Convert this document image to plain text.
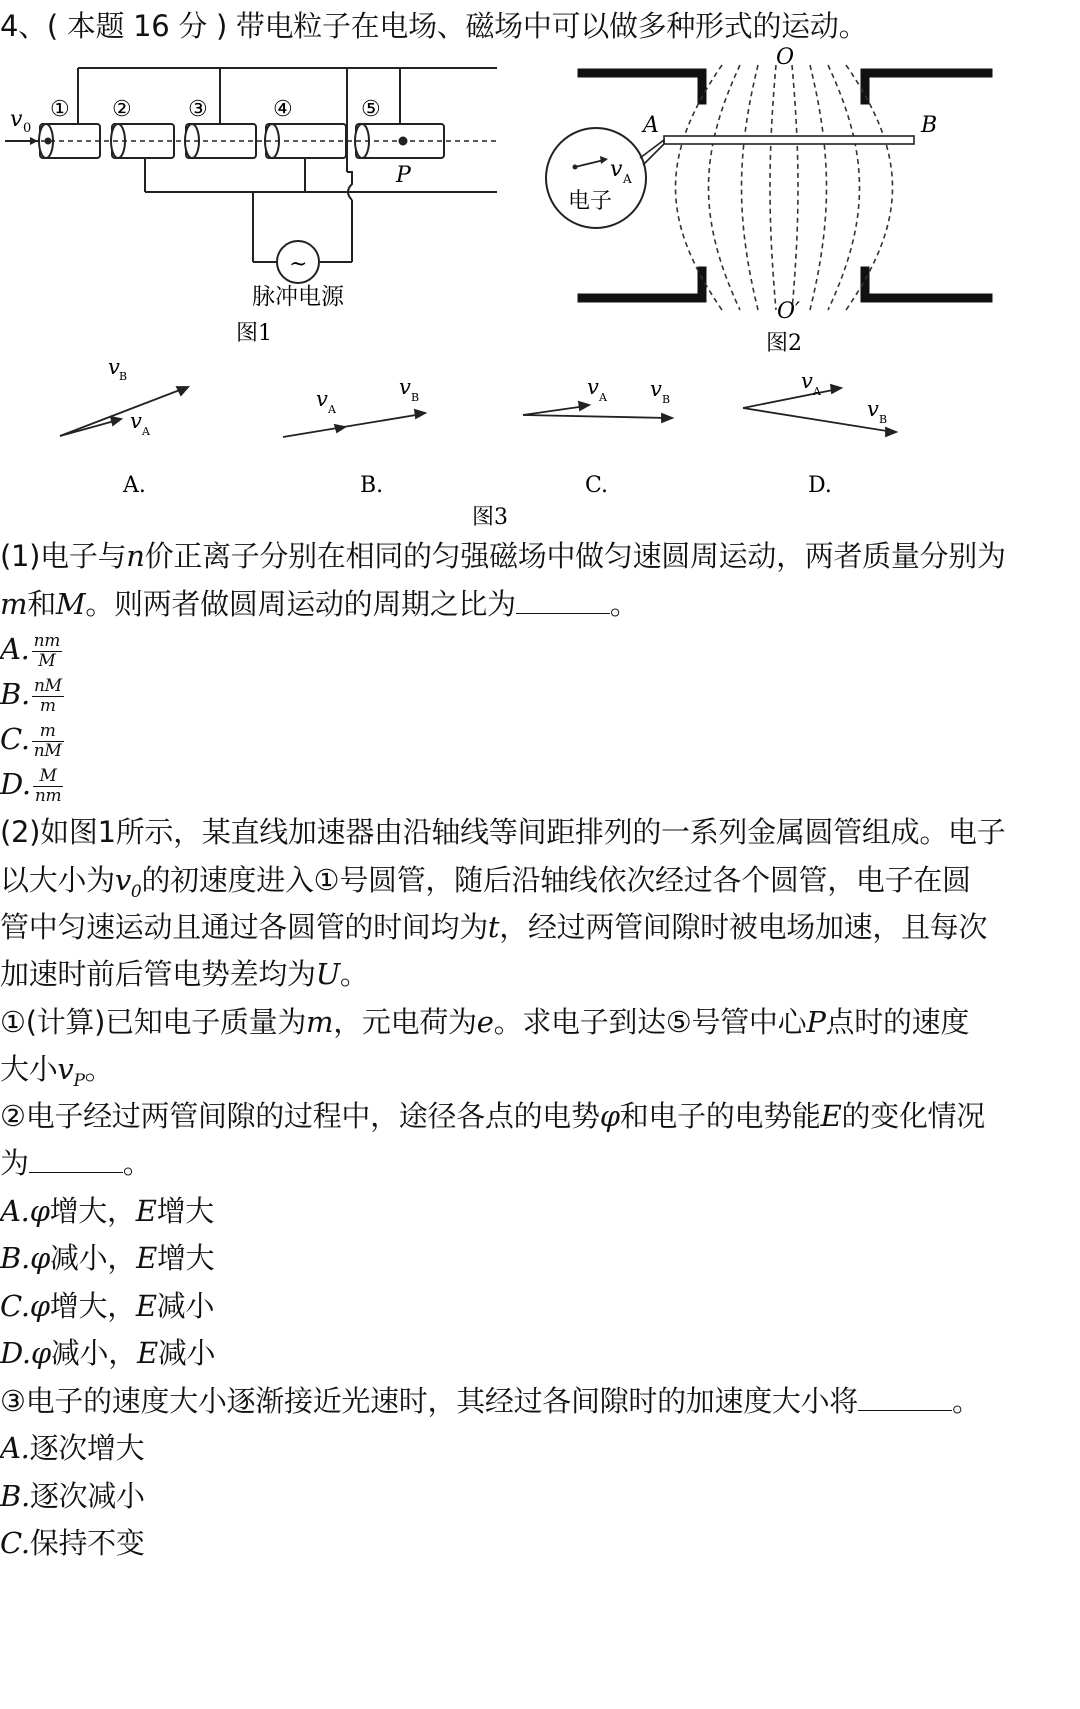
4、( 本题 16 分 ) 带电粒子在电场、磁场中可以做多种形式的运动。
v 0
① ②	③	④	⑤
P
~
脉冲电源
图1
v A
电子
A	B
O
O′
图2
v B
v A
v A
v B	v A v B
v A
v B
A.	B.	C.	D.
图3
(1)电子与n价正离子分别在相同的匀强磁场中做匀速圆周运动，两者质量分别为
m和M。则两者做圆周运动的周期之比为	。
A. $\frac{nm}{M}$
B. $\frac{nM}{m}$
C. $\frac{m}{nM}$
D. $\frac{M}{nm}$
(2)如图1所示，某直线加速器由沿轴线等间距排列的一系列金属圆管组成。电子
以大小为$v_0$的初速度进入①号圆管，随后沿轴线依次经过各个圆管，电子在圆
管中匀速运动且通过各圆管的时间均为t，经过两管间隙时被电场加速，且每次
加速时前后管电势差均为U。
①(计算)已知电子质量为m，元电荷为e。求电子到达⑤号管中心P点时的速度
大小$v_P$。
②电子经过两管间隙的过程中，途径各点的电势φ和电子的电势能E的变化情况
为	。
A.φ增大，E增大
B.φ减小，E增大
C.φ增大，E减小
D.φ减小，E减小
③电子的速度大小逐渐接近光速时，其经过各间隙时的加速度大小将	。
A.逐次增大
B.逐次减小
C.保持不变
